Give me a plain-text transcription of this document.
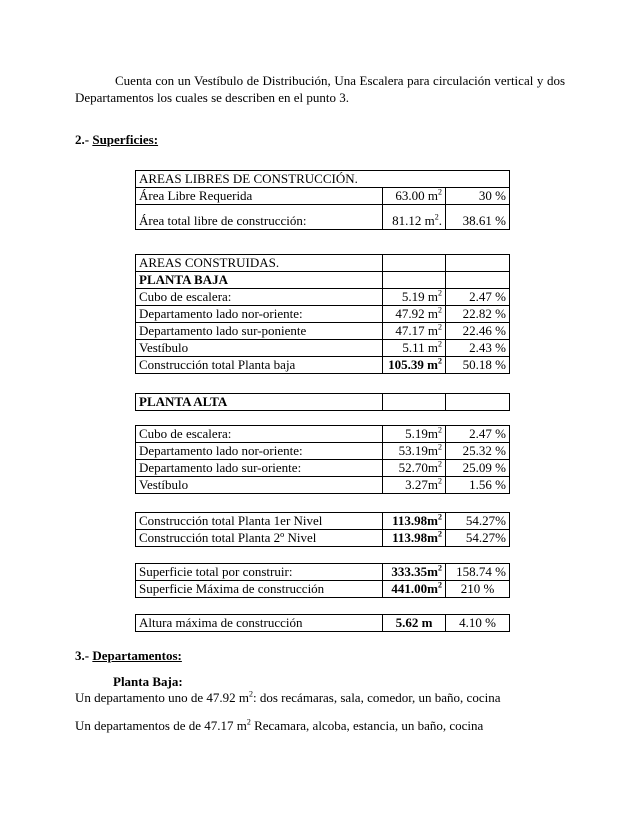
Cuenta con un Vestíbulo de Distribución, Una Escalera para circulación vertical y dos Departamentos los cuales se describen en el punto 3.
2.- Superficies:
AREAS LIBRES DE CONSTRUCCIÓN.		
Área Libre Requerida	63.00 $m^2$	30 %

Área total libre de construcción:	81.12 $m^2$.	38.61 %
AREAS CONSTRUIDAS.		
PLANTA BAJA		
Cubo de escalera:	5.19 $m^2$	2.47 %
Departamento lado nor-oriente:	47.92 $m^2$	22.82 %
Departamento lado sur-poniente	47.17 $m^2$	22.46 %
Vestíbulo	5.11 $m^2$	2.43 %
Construcción total Planta baja	105.39 $m^2$	50.18 %
PLANTA ALTA		
Cubo de escalera:	$5.19m^2$	2.47 %
Departamento lado nor-oriente:	$53.19m^2$	25.32 %
Departamento lado sur-oriente:	$52.70m^2$	25.09 %
Vestíbulo	$3.27m^2$	1.56 %
Construcción total Planta 1er Nivel	$113.98m^2$	54.27%
Construcción total Planta 2º Nivel	$113.98m^2$	54.27%
Superficie total por construir:	$333.35m^2$	158.74 %
Superficie Máxima de construcción	$441.00m^2$	210 %
Altura máxima de construcción	5.62 m	4.10 %
3.- Departamentos:
Planta Baja:
Un departamento uno de 47.92 $m^2$: dos recámaras, sala, comedor, un baño, cocina
Un departamentos de de 47.17 $m^2$ Recamara, alcoba, estancia, un baño, cocina
